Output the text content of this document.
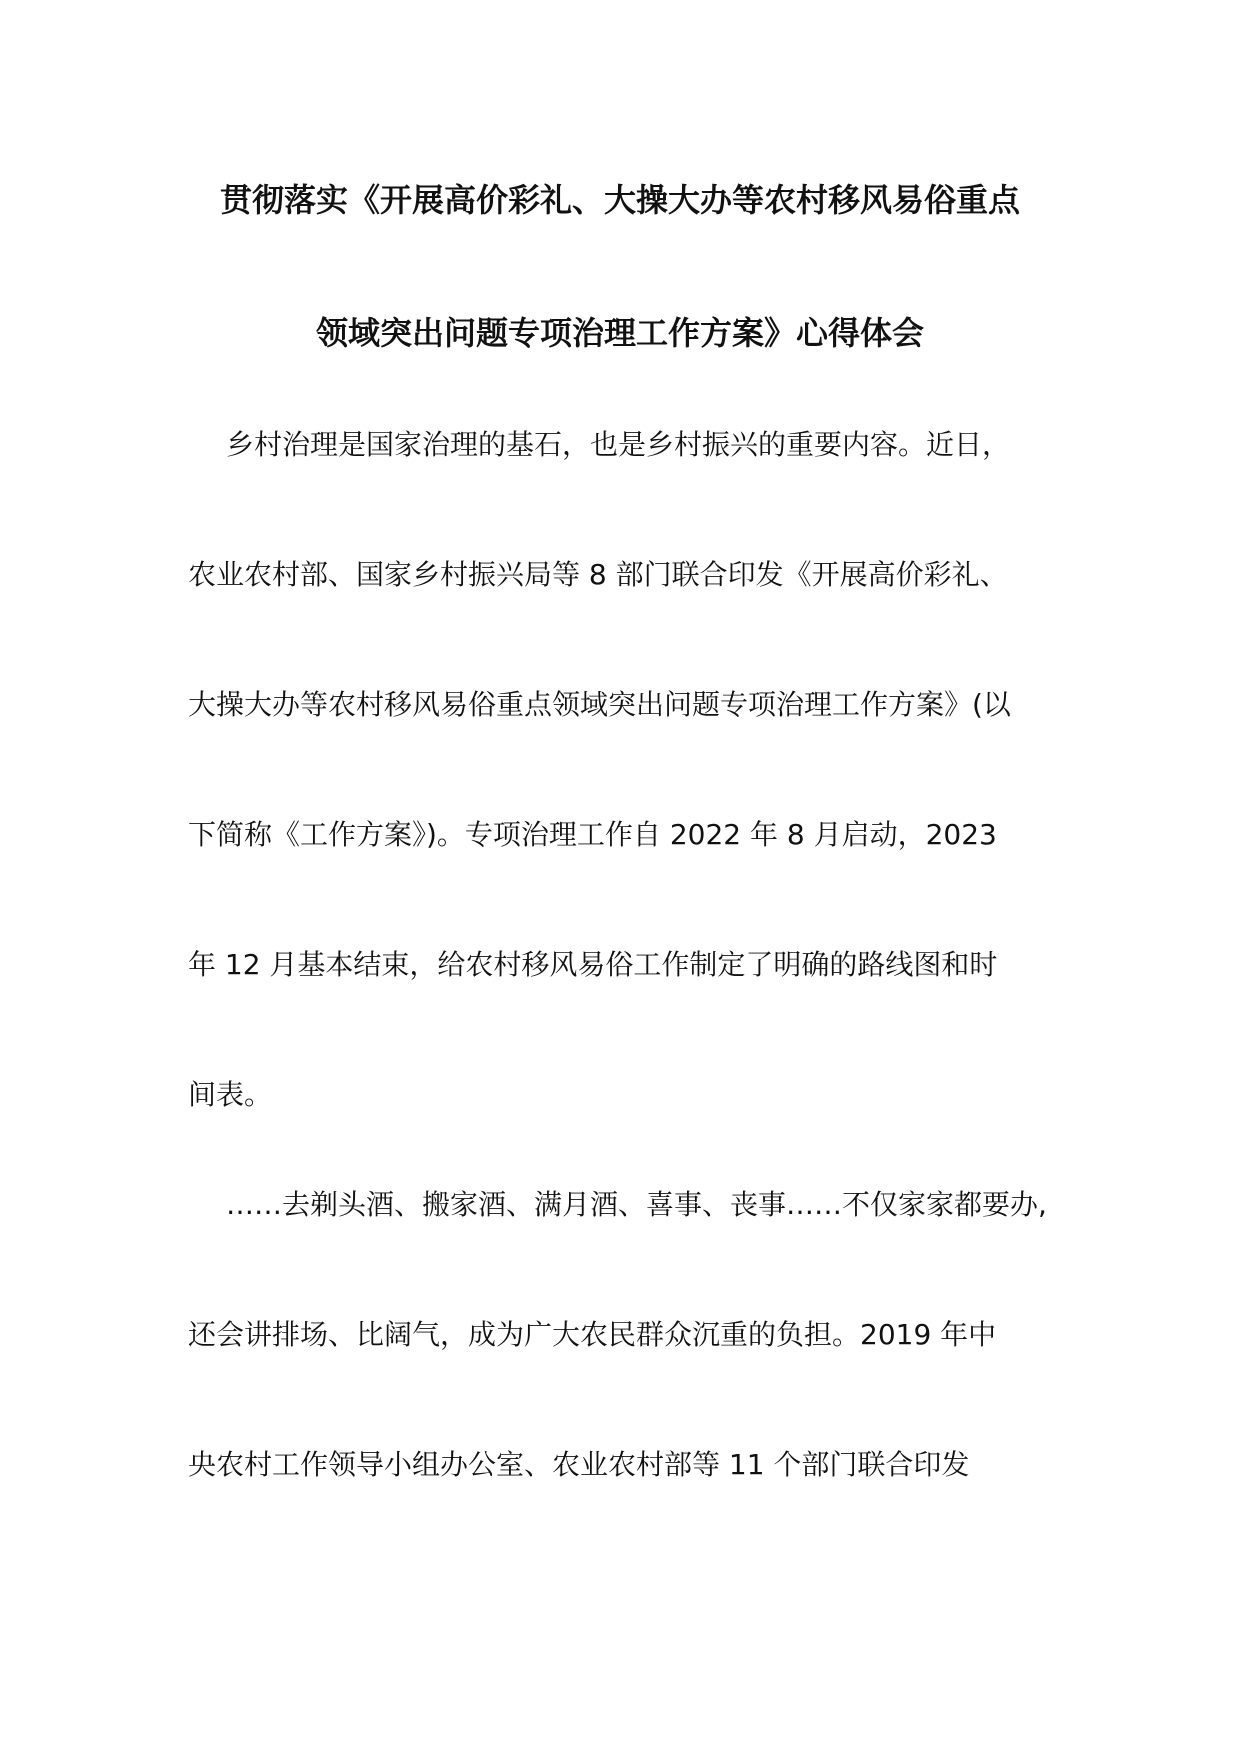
贯彻落实《开展高价彩礼、大操大办等农村移风易俗重点
领域突出问题专项治理工作方案》心得体会
乡村治理是国家治理的基石，也是乡村振兴的重要内容。近日，
农业农村部、国家乡村振兴局等 8 部门联合印发《开展高价彩礼、
大操大办等农村移风易俗重点领域突出问题专项治理工作方案》(以
下简称《工作方案》)。专项治理工作自 2022 年 8 月启动，2023
年 12 月基本结束，给农村移风易俗工作制定了明确的路线图和时
间表。
……去剃头酒、搬家酒、满月酒、喜事、丧事……不仅家家都要办,
还会讲排场、比阔气，成为广大农民群众沉重的负担。2019 年中
央农村工作领导小组办公室、农业农村部等 11 个部门联合印发
